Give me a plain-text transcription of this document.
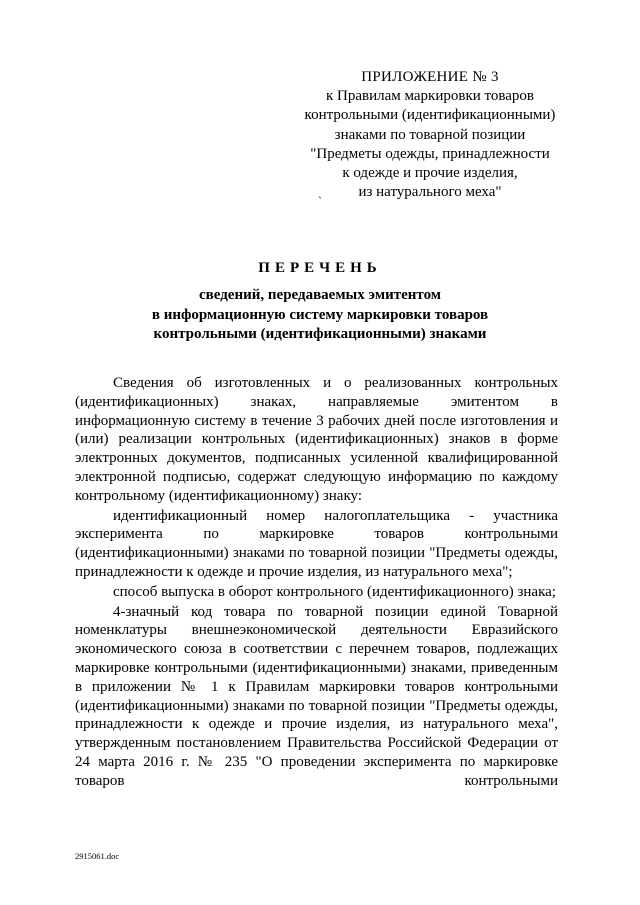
ПРИЛОЖЕНИЕ № 3
к Правилам маркировки товаров
контрольными (идентификационными)
знаками по товарной позиции
"Предметы одежды, принадлежности
к одежде и прочие изделия,
из натурального меха"
`
ПЕРЕЧЕНЬ
сведений, передаваемых эмитентом
в информационную систему маркировки товаров
контрольными (идентификационными) знаками

Сведения об изготовленных и о реализованных контрольных (идентификационных) знаках, направляемые эмитентом в информационную систему в течение 3 рабочих дней после изготовления и (или) реализации контрольных (идентификационных) знаков в форме электронных документов, подписанных усиленной квалифицированной электронной подписью, содержат следующую информацию по каждому контрольному (идентификационному) знаку:

идентификационный номер налогоплательщика - участника эксперимента по маркировке товаров контрольными (идентификационными) знаками по товарной позиции "Предметы одежды, принадлежности к одежде и прочие изделия, из натурального меха";

способ выпуска в оборот контрольного (идентификационного) знака;

4-значный код товара по товарной позиции единой Товарной номенклатуры внешнеэкономической деятельности Евразийского экономического союза в соответствии с перечнем товаров, подлежащих маркировке контрольными (идентификационными) знаками, приведенным в приложении № 1 к Правилам маркировки товаров контрольными (идентификационными) знаками по товарной позиции "Предметы одежды, принадлежности к одежде и прочие изделия, из натурального меха", утвержденным постановлением Правительства Российской Федерации от 24 марта 2016 г. № 235 "О проведении эксперимента по маркировке товаров контрольными

2915061.doc
